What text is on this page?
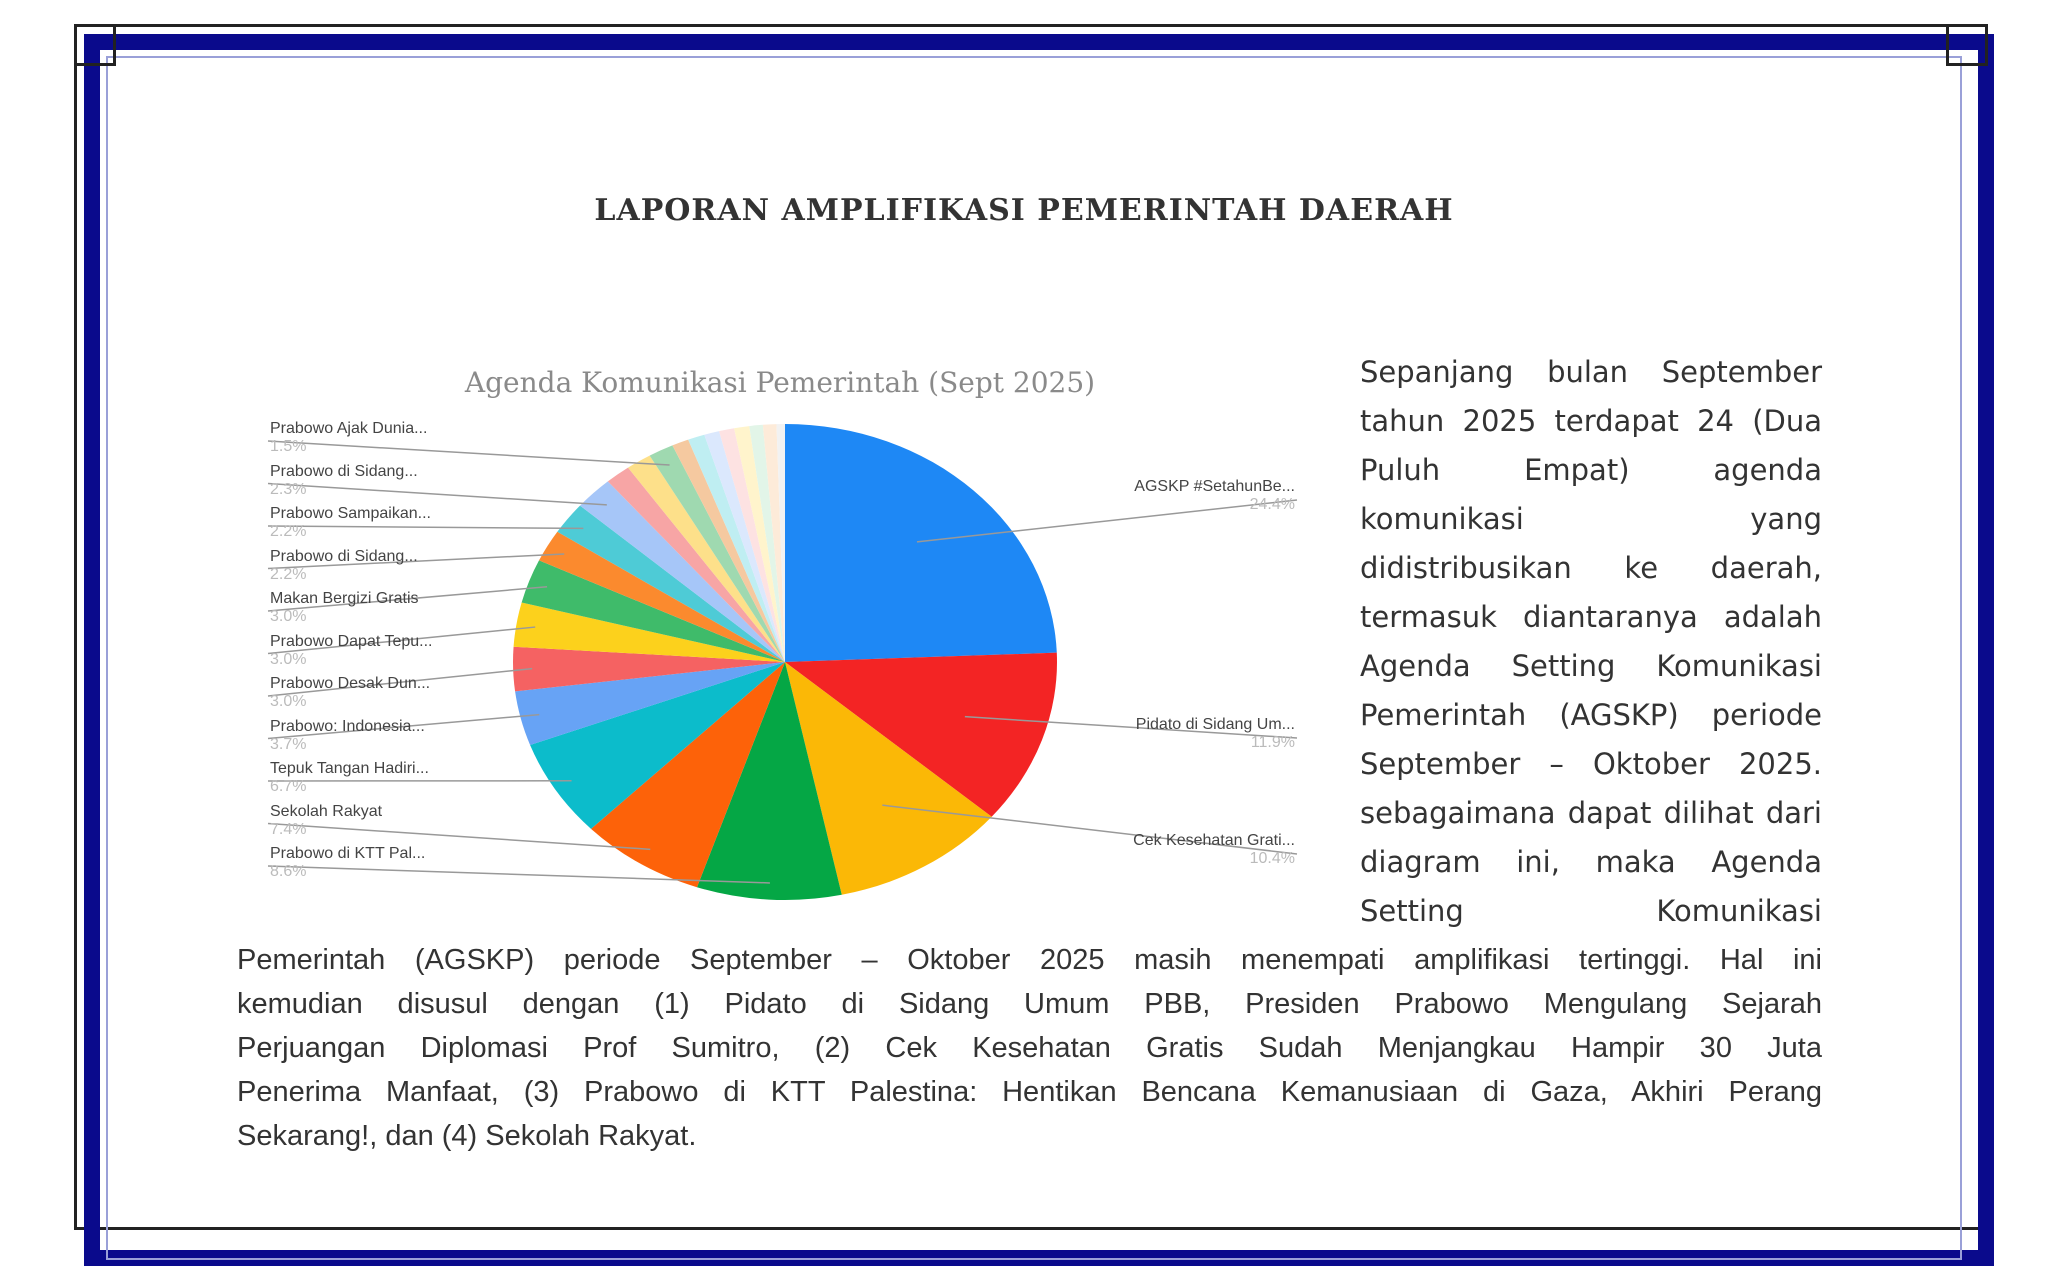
LAPORAN AMPLIFIKASI PEMERINTAH DAERAH
Agenda Komunikasi Pemerintah (Sept 2025)
Prabowo Ajak Dunia...
1.5%
Prabowo di Sidang...
2.3%
Prabowo Sampaikan...
2.2%
Prabowo di Sidang...
2.2%
Makan Bergizi Gratis
3.0%
Prabowo Dapat Tepu...
3.0%
Prabowo Desak Dun...
3.0%
Prabowo: Indonesia...
3.7%
Tepuk Tangan Hadiri...
6.7%
Sekolah Rakyat
7.4%
Prabowo di KTT Pal...
8.6%
AGSKP #SetahunBe...
24.4%
Pidato di Sidang Um...
11.9%
Cek Kesehatan Grati...
10.4%
Sepanjang bulan September
tahun 2025 terdapat 24 (Dua
Puluh Empat) agenda
komunikasi yang
didistribusikan ke daerah,
termasuk diantaranya adalah
Agenda Setting Komunikasi
Pemerintah (AGSKP) periode
September – Oktober 2025.
sebagaimana dapat dilihat dari
diagram ini, maka Agenda
Setting Komunikasi
Pemerintah (AGSKP) periode September – Oktober 2025 masih menempati amplifikasi tertinggi. Hal ini
kemudian disusul dengan (1) Pidato di Sidang Umum PBB, Presiden Prabowo Mengulang Sejarah
Perjuangan Diplomasi Prof Sumitro, (2) Cek Kesehatan Gratis Sudah Menjangkau Hampir 30 Juta
Penerima Manfaat, (3) Prabowo di KTT Palestina: Hentikan Bencana Kemanusiaan di Gaza, Akhiri Perang
Sekarang!, dan (4) Sekolah Rakyat.
